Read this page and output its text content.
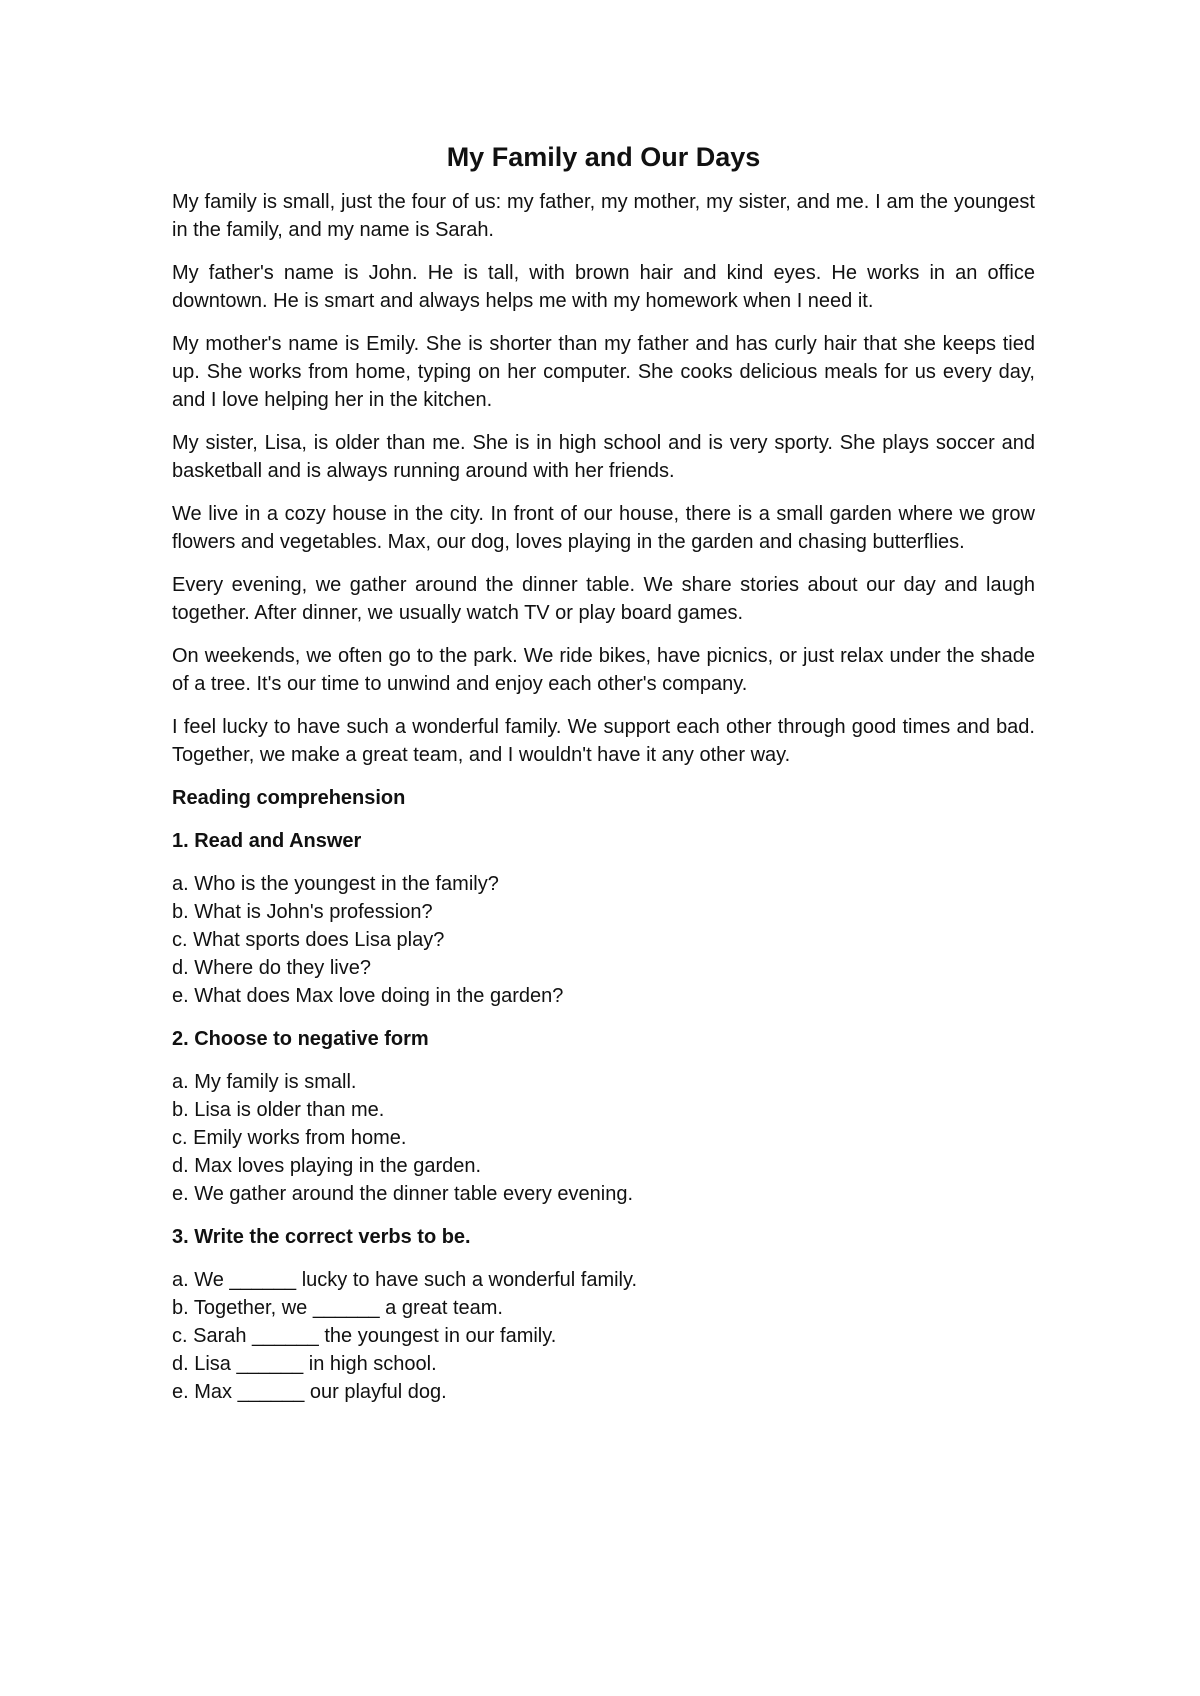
My Family and Our Days

My family is small, just the four of us: my father, my mother, my sister, and me. I am the youngest in the family, and my name is Sarah.

My father's name is John. He is tall, with brown hair and kind eyes. He works in an office downtown. He is smart and always helps me with my homework when I need it.

My mother's name is Emily. She is shorter than my father and has curly hair that she keeps tied up. She works from home, typing on her computer. She cooks delicious meals for us every day, and I love helping her in the kitchen.

My sister, Lisa, is older than me. She is in high school and is very sporty. She plays soccer and basketball and is always running around with her friends.

We live in a cozy house in the city. In front of our house, there is a small garden where we grow flowers and vegetables. Max, our dog, loves playing in the garden and chasing butterflies.

Every evening, we gather around the dinner table. We share stories about our day and laugh together. After dinner, we usually watch TV or play board games.

On weekends, we often go to the park. We ride bikes, have picnics, or just relax under the shade of a tree. It's our time to unwind and enjoy each other's company.

I feel lucky to have such a wonderful family. We support each other through good times and bad. Together, we make a great team, and I wouldn't have it any other way.

Reading comprehension
1. Read and Answer
a. Who is the youngest in the family?
b. What is John's profession?
c. What sports does Lisa play?
d. Where do they live?
e. What does Max love doing in the garden?
2. Choose to negative form
a. My family is small.
b. Lisa is older than me.
c. Emily works from home.
d. Max loves playing in the garden.
e. We gather around the dinner table every evening.
3. Write the correct verbs to be.
a. We ______ lucky to have such a wonderful family.
b. Together, we ______ a great team.
c. Sarah ______ the youngest in our family.
d. Lisa ______ in high school.
e. Max ______ our playful dog.
